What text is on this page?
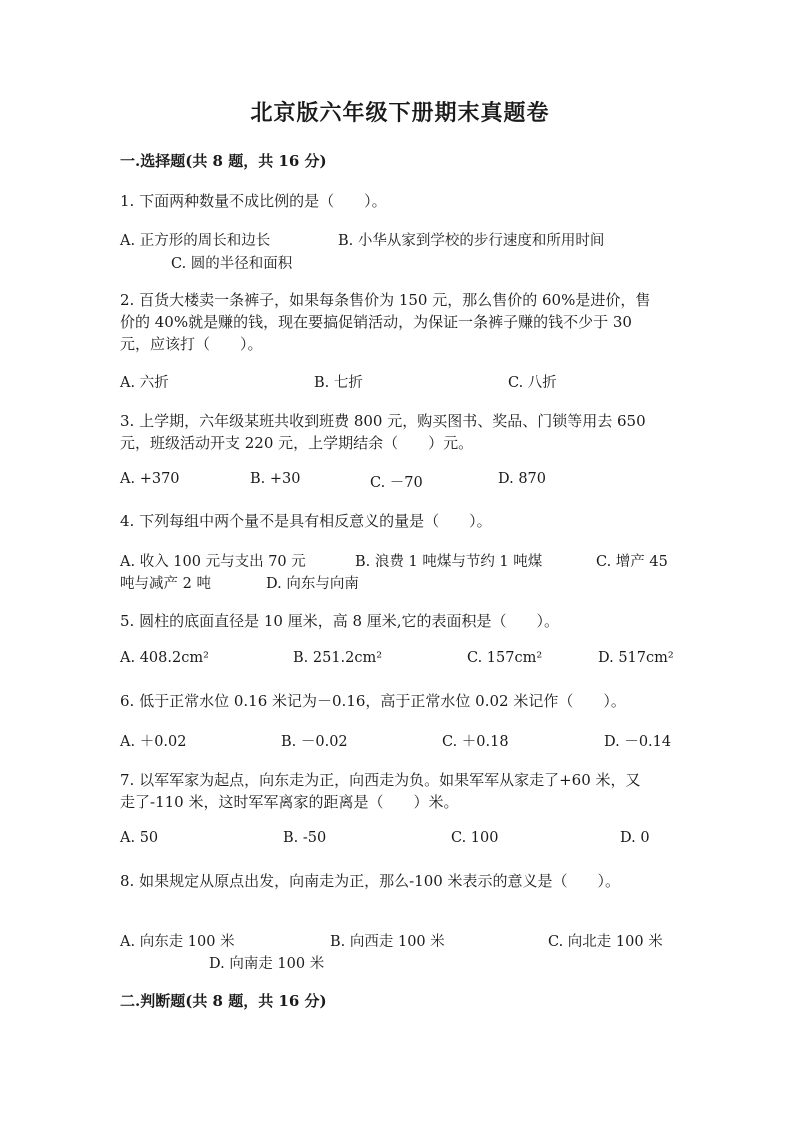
北京版六年级下册期末真题卷
一.选择题(共 8 题，共 16 分)
1. 下面两种数量不成比例的是（　　）。
A. 正方形的周长和边长	B. 小华从家到学校的步行速度和所用时间
C. 圆的半径和面积
2. 百货大楼卖一条裤子，如果每条售价为 150 元，那么售价的 60%是进价，售
价的 40%就是赚的钱，现在要搞促销活动，为保证一条裤子赚的钱不少于 30
元，应该打（　　）。
A. 六折	B. 七折	C. 八折
3. 上学期，六年级某班共收到班费 800 元，购买图书、奖品、门锁等用去 650
元，班级活动开支 220 元，上学期结余（　　）元。
A. +370	B. +30	C. －70	D. 870
4. 下列每组中两个量不是具有相反意义的量是（　　）。
A. 收入 100 元与支出 70 元	B. 浪费 1 吨煤与节约 1 吨煤	C. 增产 45
吨与减产 2 吨	D. 向东与向南
5. 圆柱的底面直径是 10 厘米，高 8 厘米,它的表面积是（　　）。
A. 408.2cm²	B. 251.2cm²	C. 157cm²	D. 517cm²
6. 低于正常水位 0.16 米记为－0.16，高于正常水位 0.02 米记作（　　）。
A. ＋0.02	B. －0.02	C. ＋0.18	D. －0.14
7. 以军军家为起点，向东走为正，向西走为负。如果军军从家走了+60 米，又
走了-110 米，这时军军离家的距离是（　　）米。
A. 50	B. -50	C. 100	D. 0
8. 如果规定从原点出发，向南走为正，那么-100 米表示的意义是（　　）。
A. 向东走 100 米	B. 向西走 100 米	C. 向北走 100 米
D. 向南走 100 米
二.判断题(共 8 题，共 16 分)
